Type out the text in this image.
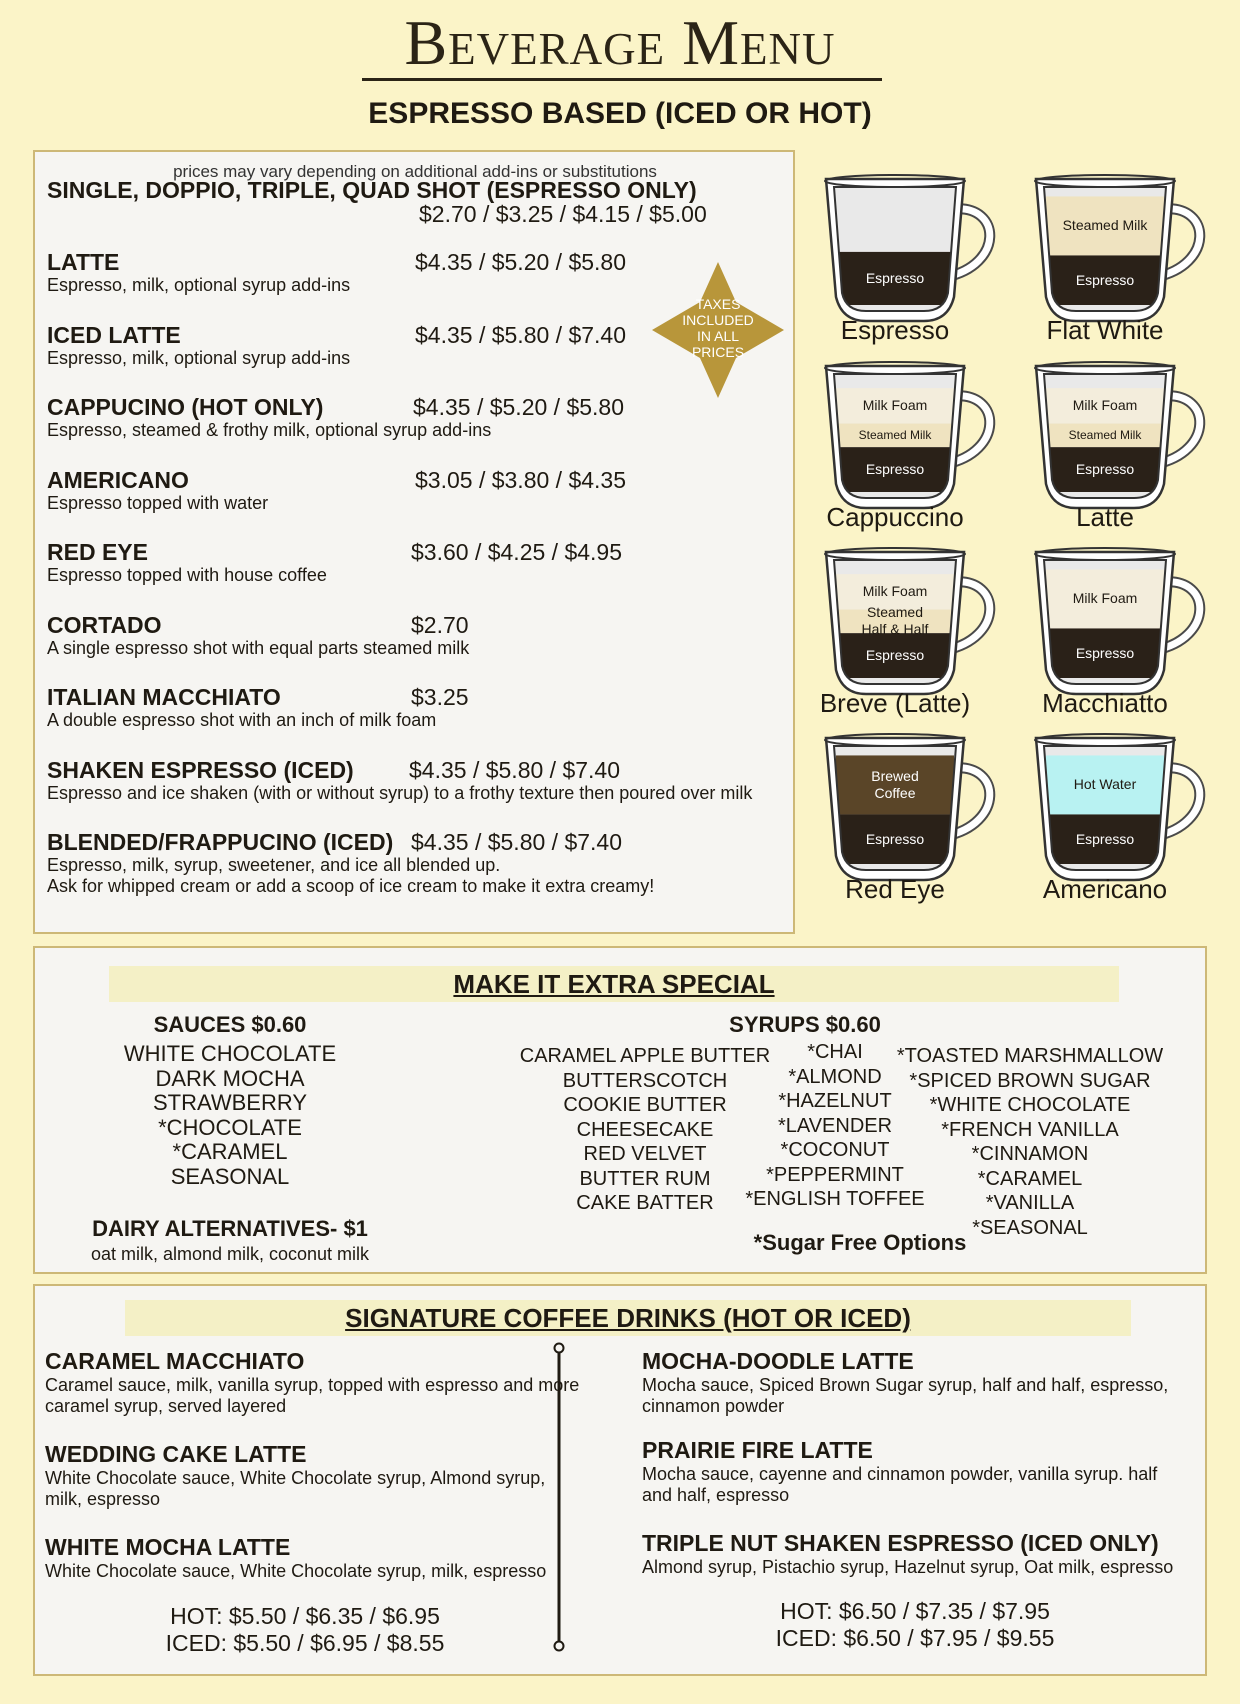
Beverage Menu
ESPRESSO BASED (ICED OR HOT)
prices may vary depending on additional add-ins or substitutions
SINGLE, DOPPIO, TRIPLE, QUAD SHOT (ESPRESSO ONLY)
$2.70 / $3.25 / $4.15 / $5.00
LATTE	$4.35 / $5.20 / $5.80
Espresso, milk, optional syrup add-ins
ICED LATTE	$4.35 / $5.80 / $7.40
Espresso, milk, optional syrup add-ins
CAPPUCINO (HOT ONLY)	$4.35 / $5.20 / $5.80
Espresso, steamed & frothy milk, optional syrup add-ins
AMERICANO	$3.05 / $3.80 / $4.35
Espresso topped with water
RED EYE	$3.60 / $4.25 / $4.95
Espresso topped with house coffee
CORTADO	$2.70
A single espresso shot with equal parts steamed milk
ITALIAN MACCHIATO	$3.25
A double espresso shot with an inch of milk foam
SHAKEN ESPRESSO (ICED) $4.35 / $5.80 / $7.40
Espresso and ice shaken (with or without syrup) to a frothy texture then poured over milk
BLENDED/FRAPPUCINO (ICED) $4.35 / $5.80 / $7.40
Espresso, milk, syrup, sweetener, and ice all blended up.
Ask for whipped cream or add a scoop of ice cream to make it extra creamy!
TAXES
INCLUDED
IN ALL
PRICES
Espresso
Espresso
Steamed Milk
Espresso
Flat White
Milk Foam
Steamed Milk
Espresso
Cappuccino
Milk Foam
Steamed Milk
Espresso
Latte
Milk Foam
Steamed Half & Half
Espresso
Breve (Latte)
Milk Foam
Espresso
Macchiatto
Brewed Coffee
Espresso
Red Eye
Hot Water
Espresso
Americano
MAKE IT EXTRA SPECIAL
SAUCES $0.60
WHITE CHOCOLATE
DARK MOCHA
STRAWBERRY
*CHOCOLATE
*CARAMEL
SEASONAL
DAIRY ALTERNATIVES- $1
oat milk, almond milk, coconut milk
SYRUPS $0.60
CARAMEL APPLE BUTTER
BUTTERSCOTCH
COOKIE BUTTER
CHEESECAKE
RED VELVET
BUTTER RUM
CAKE BATTER
*CHAI
*ALMOND
*HAZELNUT
*LAVENDER
*COCONUT
*PEPPERMINT
*ENGLISH TOFFEE
*TOASTED MARSHMALLOW
*SPICED BROWN SUGAR
*WHITE CHOCOLATE
*FRENCH VANILLA
*CINNAMON
*CARAMEL
*VANILLA
*SEASONAL
*Sugar Free Options
SIGNATURE COFFEE DRINKS (HOT OR ICED)
CARAMEL MACCHIATO
Caramel sauce, milk, vanilla syrup, topped with espresso and more caramel syrup, served layered
WEDDING CAKE LATTE
White Chocolate sauce, White Chocolate syrup, Almond syrup, milk, espresso
WHITE MOCHA LATTE
White Chocolate sauce, White Chocolate syrup, milk, espresso
HOT: $5.50 / $6.35 / $6.95
ICED: $5.50 / $6.95 / $8.55
MOCHA-DOODLE LATTE
Mocha sauce, Spiced Brown Sugar syrup, half and half, espresso, cinnamon powder
PRAIRIE FIRE LATTE
Mocha sauce, cayenne and cinnamon powder, vanilla syrup. half and half, espresso
TRIPLE NUT SHAKEN ESPRESSO (ICED ONLY)
Almond syrup, Pistachio syrup, Hazelnut syrup, Oat milk, espresso
HOT: $6.50 / $7.35 / $7.95
ICED: $6.50 / $7.95 / $9.55
